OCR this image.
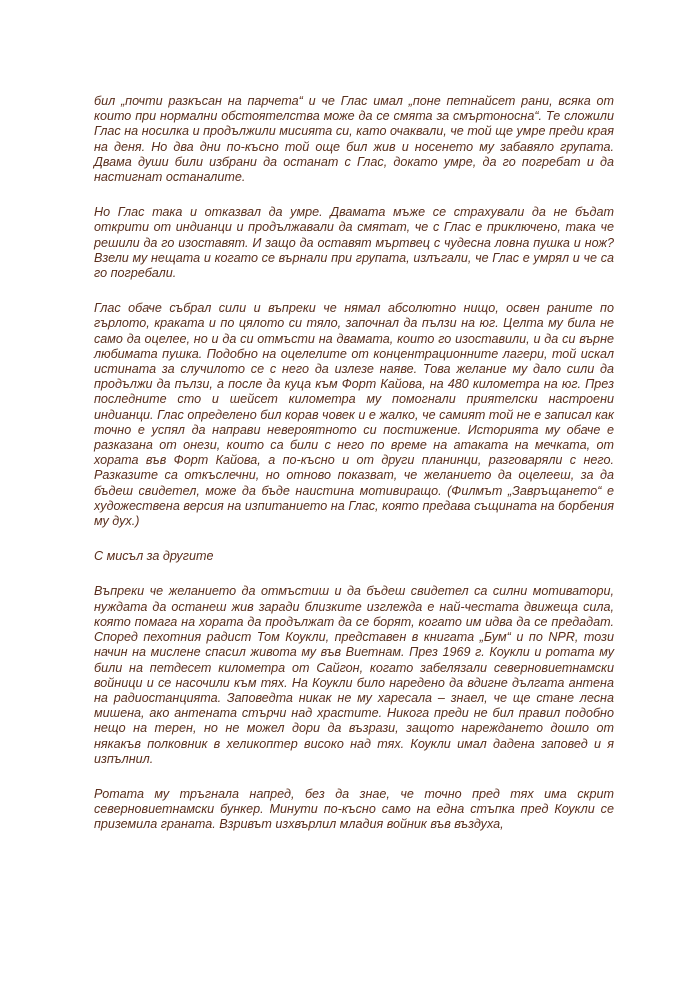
бил „почти разкъсан на парчета“ и че Глас имал „поне петнайсет рани, всяка от които при нормални обстоятелства може да се смята за смъртоносна“. Те сложили Глас на носилка и продължили мисията си, като очаквали, че той ще умре преди края на деня. Но два дни по-късно той още бил жив и носенето му забавяло групата. Двама души били избрани да останат с Глас, докато умре, да го погребат и да настигнат останалите.

Но Глас така и отказвал да умре. Двамата мъже се страхували да не бъдат открити от индианци и продължавали да смятат, че с Глас е приключено, така че решили да го изоставят. И защо да оставят мъртвец с чудесна ловна пушка и нож? Взели му нещата и когато се върнали при групата, излъгали, че Глас е умрял и че са го погребали.

Глас обаче събрал сили и въпреки че нямал абсолютно нищо, освен раните по гърлото, краката и по цялото си тяло, започнал да пълзи на юг. Целта му била не само да оцелее, но и да си отмъсти на двамата, които го изоставили, и да си върне любимата пушка. Подобно на оцелелите от концентрационните лагери, той искал истината за случилото се с него да излезе наяве. Това желание му дало сили да продължи да пълзи, а после да куца към Форт Кайова, на 480 километра на юг. През последните сто и шейсет километра му помогнали приятелски настроени индианци. Глас определено бил корав човек и е жалко, че самият той не е записал как точно е успял да направи невероятното си постижение. Историята му обаче е разказана от онези, които са били с него по време на атаката на мечката, от хората във Форт Кайова, а по-късно и от други планинци, разговаряли с него. Разказите са откъслечни, но отново показват, че желанието да оцелееш, за да бъдеш свидетел, може да бъде наистина мотивиращо. (Филмът „Завръщането“ е художествена версия на изпитанието на Глас, която предава същината на борбения му дух.)

С мисъл за другите

Въпреки че желанието да отмъстиш и да бъдеш свидетел са силни мотиватори, нуждата да останеш жив заради близките изглежда е най-честата движеща сила, която помага на хората да продължат да се борят, когато им идва да се предадат. Според пехотния радист Том Коукли, представен в книгата „Бум“ и по NPR, този начин на мислене спасил живота му във Виетнам. През 1969 г. Коукли и ротата му били на петдесет километра от Сайгон, когато забелязали северновиетнамски войници и се насочили към тях. На Коукли било наредено да вдигне дългата антена на радиостанцията. Заповедта никак не му харесала – знаел, че ще стане лесна мишена, ако антената стърчи над храстите. Никога преди не бил правил подобно нещо на терен, но не можел дори да възрази, защото нареждането дошло от някакъв полковник в хеликоптер високо над тях. Коукли имал дадена заповед и я изпълнил.

Ротата му тръгнала напред, без да знае, че точно пред тях има скрит северновиетнамски бункер. Минути по-късно само на една стъпка пред Коукли се приземила граната. Взривът изхвърлил младия войник във въздуха,
